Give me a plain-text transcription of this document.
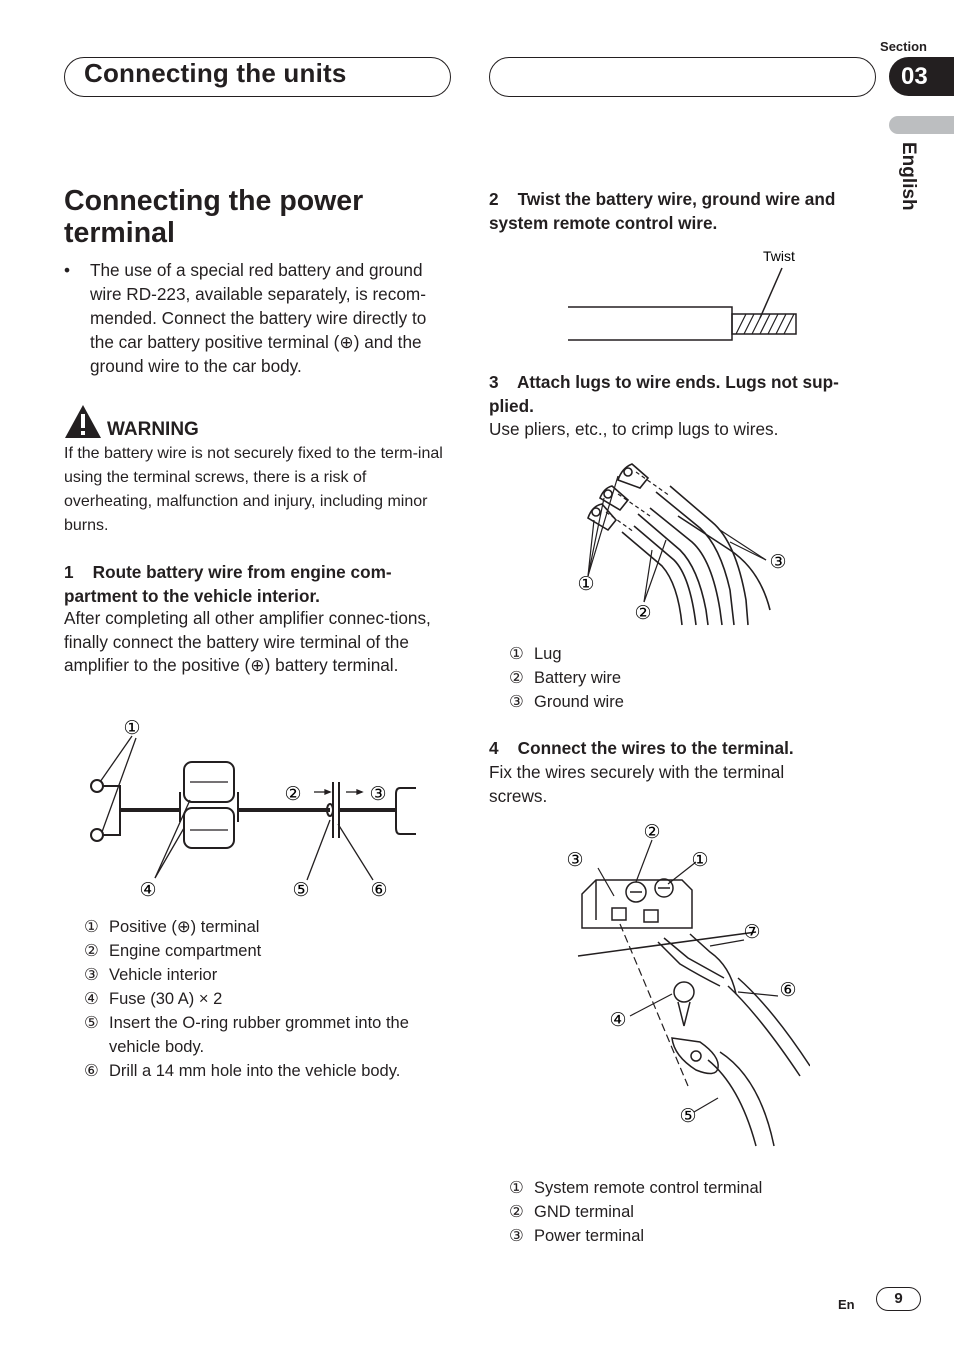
Connecting the units
Section
03
English
Connecting the power terminal
• The use of a special red battery and ground wire RD-223, available separately, is recom-mended. Connect the battery wire directly to the car battery positive terminal (⊕) and the ground wire to the car body.
WARNING
If the battery wire is not securely fixed to the term-inal using the terminal screws, there is a risk of overheating, malfunction and injury, including minor burns.
1    Route battery wire from engine com-partment to the vehicle interior.
After completing all other amplifier connec-tions, finally connect the battery wire terminal of the amplifier to the positive (⊕) battery terminal.
①
②	③
④	⑤	⑥
① Positive (⊕) terminal
② Engine compartment
③ Vehicle interior
④ Fuse (30 A) × 2
⑤ Insert the O-ring rubber grommet into the vehicle body.
⑥ Drill a 14 mm hole into the vehicle body.
2    Twist the battery wire, ground wire and system remote control wire.
Twist
3    Attach lugs to wire ends. Lugs not sup-plied.
Use pliers, etc., to crimp lugs to wires.
①
②
③
① Lug
② Battery wire
③ Ground wire
4    Connect the wires to the terminal.
Fix the wires securely with the terminal screws.
③
②
①
⑦
⑥
④
⑤
① System remote control terminal
② GND terminal
③ Power terminal
En	9
